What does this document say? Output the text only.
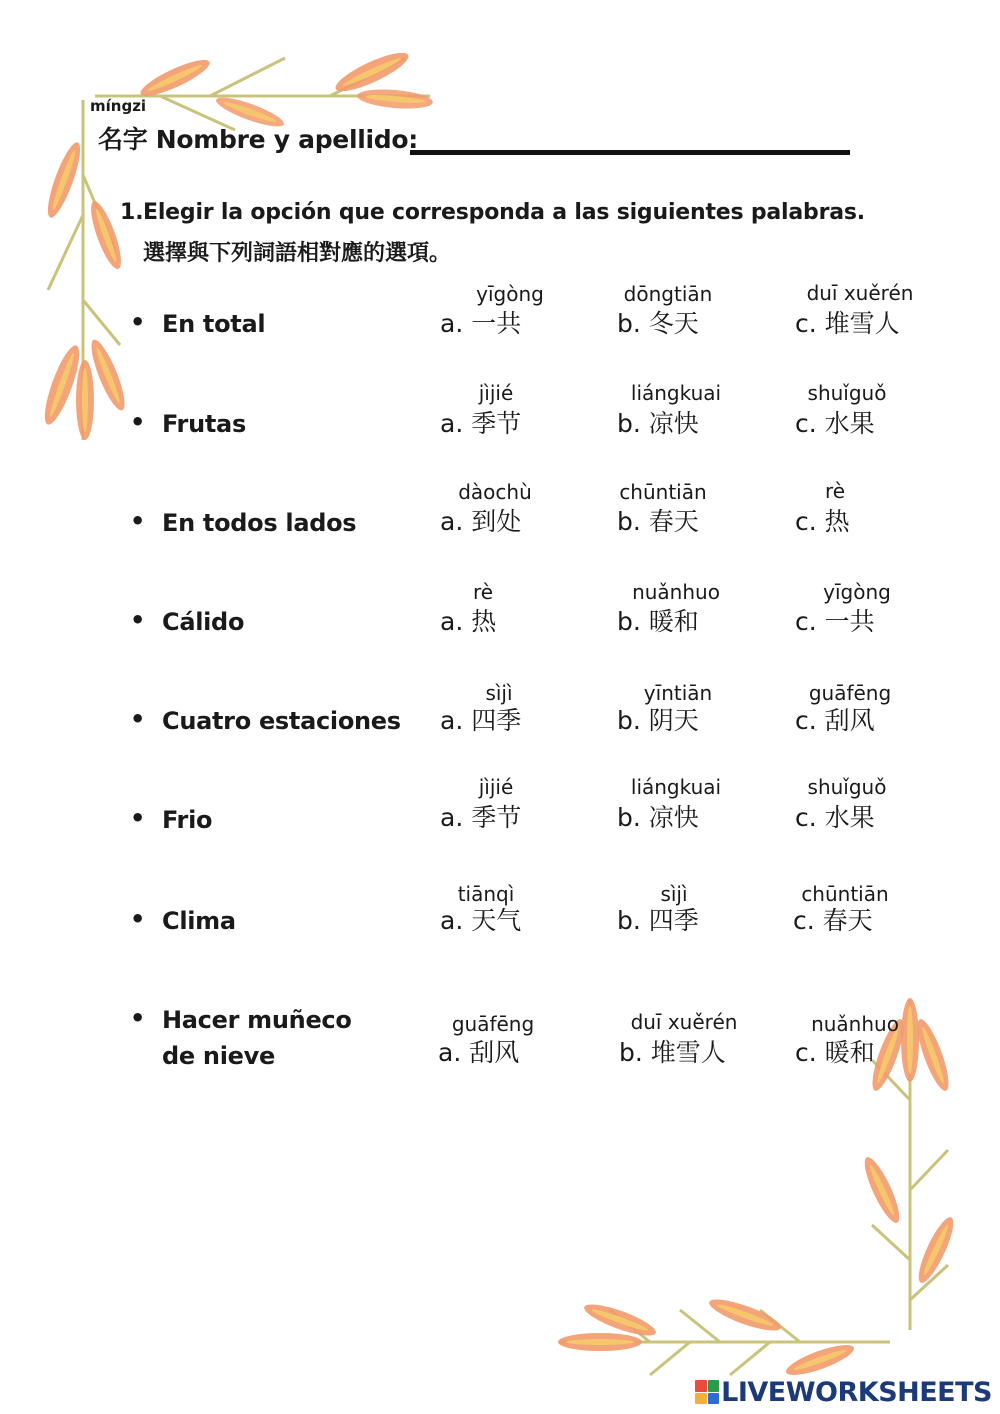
míngzi
名字 Nombre y apellido:
1. Elegir la opción que corresponda a las siguientes palabras.
選擇與下列詞語相對應的選項。
• En total
yīgòng
a. 一共
dōngtiān
b. 冬天
duī xuěrén
c. 堆雪人
• Frutas
jìjié
a. 季节
liángkuai
b. 凉快
shuǐguǒ
c. 水果
• En todos lados
dàochù
a. 到处
chūntiān
b. 春天
rè
c. 热
• Cálido
rè
a. 热
nuǎnhuo
b. 暖和
yīgòng
c. 一共
• Cuatro estaciones
sìjì
a. 四季
yīntiān
b. 阴天
guāfēng
c. 刮风
• Frio
jìjié
a. 季节
liángkuai
b. 凉快
shuǐguǒ
c. 水果
• Clima
tiānqì
a. 天气
sìjì
b. 四季
chūntiān
c. 春天
• Hacer muñeco
de nieve
guāfēng
a. 刮风
duī xuěrén
b. 堆雪人
nuǎnhuo
c. 暖和
LIVEWORKSHEETS
